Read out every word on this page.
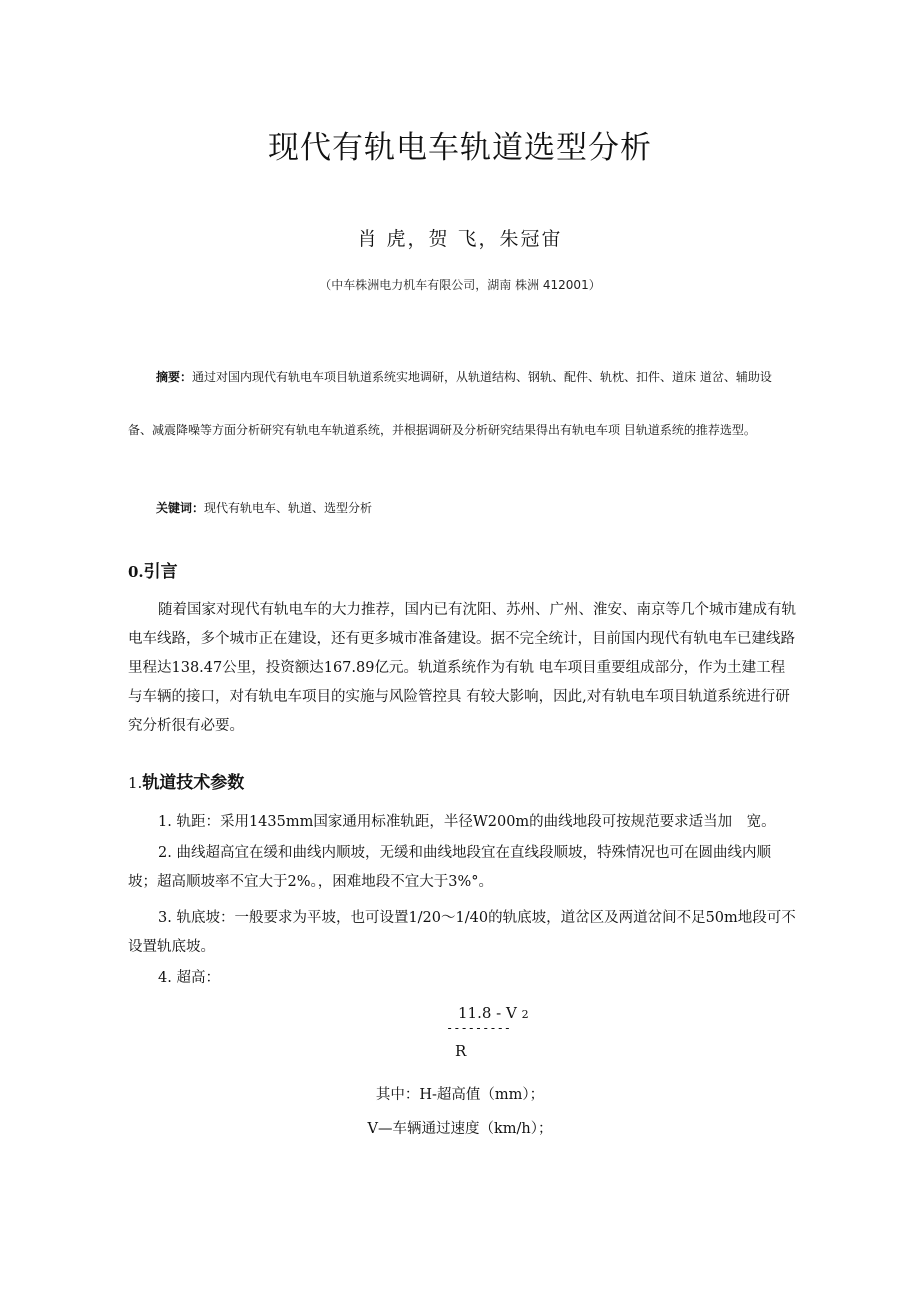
现代有轨电车轨道选型分析
肖 虎，贺 飞，朱冠宙
（中车株洲电力机车有限公司，湖南 株洲 412001）

摘要：通过对国内现代有轨电车项目轨道系统实地调研，从轨道结构、钢轨、配件、轨枕、扣件、道床 道岔、辅助设备、减震降噪等方面分析研究有轨电车轨道系统，并根据调研及分析研究结果得出有轨电车项 目轨道系统的推荐选型。

关键词：现代有轨电车、轨道、选型分析

0.引言

随着国家对现代有轨电车的大力推荐，国内已有沈阳、苏州、广州、淮安、南京等几个城市建成有轨电车线路，多个城市正在建设，还有更多城市准备建设。据不完全统计，目前国内现代有轨电车已建线路里程达138.47公里，投资额达167.89亿元。轨道系统作为有轨 电车项目重要组成部分，作为土建工程与车辆的接口，对有轨电车项目的实施与风险管控具 有较大影响，因此,对有轨电车项目轨道系统进行研究分析很有必要。

1.轨道技术参数

1. 轨距：采用1435mm国家通用标准轨距，半径W200m的曲线地段可按规范要求适当加　宽。

2. 曲线超高宜在缓和曲线内顺坡，无缓和曲线地段宜在直线段顺坡，特殊情况也可在圆曲线内顺坡；超高顺坡率不宜大于2%。，困难地段不宜大于3%°。

3. 轨底坡：一般要求为平坡，也可设置1/20〜1/40的轨底坡，道岔区及两道岔间不足50m地段可不设置轨底坡。

4. 超高：

11.8 - V 2
---------
R
其中：H-超高值（mm）；
V—车辆通过速度（km/h）；
